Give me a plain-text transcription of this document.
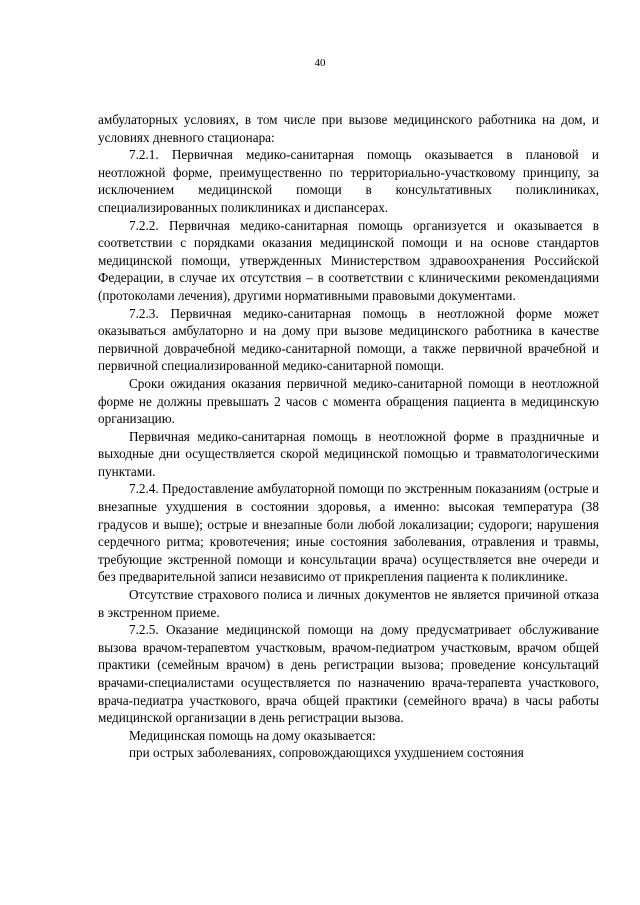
40

амбулаторных условиях, в том числе при вызове медицинского работника на дом, и условиях дневного стационара:

7.2.1. Первичная медико-санитарная помощь оказывается в плановой и неотложной форме, преимущественно по территориально-участковому принципу, за исключением медицинской помощи в консультативных поликлиниках, специализированных поликлиниках и диспансерах.

7.2.2. Первичная медико-санитарная помощь организуется и оказывается в соответствии с порядками оказания медицинской помощи и на основе стандартов медицинской помощи, утвержденных Министерством здравоохранения Российской Федерации, в случае их отсутствия – в соответствии с клиническими рекомендациями (протоколами лечения), другими нормативными правовыми документами.

7.2.3. Первичная медико-санитарная помощь в неотложной форме может оказываться амбулаторно и на дому при вызове медицинского работника в качестве первичной доврачебной медико-санитарной помощи, а также первичной врачебной и первичной специализированной медико-санитарной помощи.

Сроки ожидания оказания первичной медико-санитарной помощи в неотложной форме не должны превышать 2 часов с момента обращения пациента в медицинскую организацию.

Первичная медико-санитарная помощь в неотложной форме в праздничные и выходные дни осуществляется скорой медицинской помощью и травматологическими пунктами.

7.2.4. Предоставление амбулаторной помощи по экстренным показаниям (острые и внезапные ухудшения в состоянии здоровья, а именно: высокая температура (38 градусов и выше); острые и внезапные боли любой локализации; судороги; нарушения сердечного ритма; кровотечения; иные состояния заболевания, отравления и травмы, требующие экстренной помощи и консультации врача) осуществляется вне очереди и без предварительной записи независимо от прикрепления пациента к поликлинике.

Отсутствие страхового полиса и личных документов не является причиной отказа в экстренном приеме.

7.2.5. Оказание медицинской помощи на дому предусматривает обслуживание вызова врачом-терапевтом участковым, врачом-педиатром участковым, врачом общей практики (семейным врачом) в день регистрации вызова; проведение консультаций врачами-специалистами осуществляется по назначению врача-терапевта участкового, врача-педиатра участкового, врача общей практики (семейного врача) в часы работы медицинской организации в день регистрации вызова.

Медицинская помощь на дому оказывается:

при острых заболеваниях, сопровождающихся ухудшением состояния
